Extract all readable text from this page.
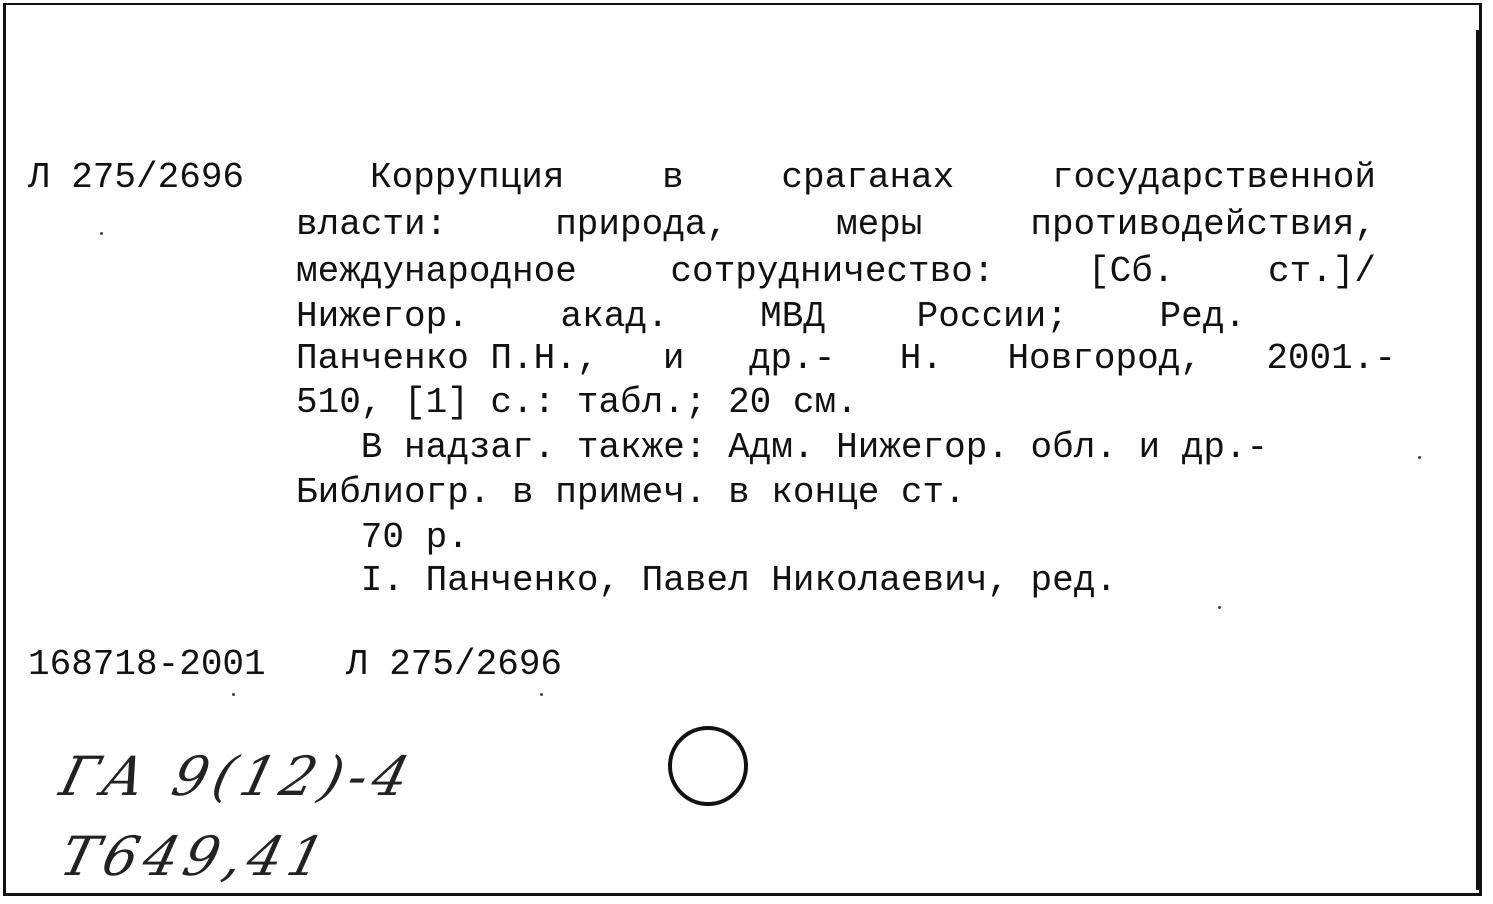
Л 275/2696	Коррупция	в	сраганах	государственной
власти:	природа,	меры	противодействия,
международное	сотрудничество:	[Сб.	ст.]/
Нижегор.	акад.	МВД	России;	Ред.
Панченко П.Н., и др.- Н. Новгород, 2001.-
510, [1] с.: табл.; 20 см.
В надзаг. также: Адм. Нижегор. обл. и др.-
Библиогр. в примеч. в конце ст.
70 р.
I. Панченко, Павел Николаевич, ред.
168718-2001 Л 275/2696
ГА 9(12)-4
Т649,41
